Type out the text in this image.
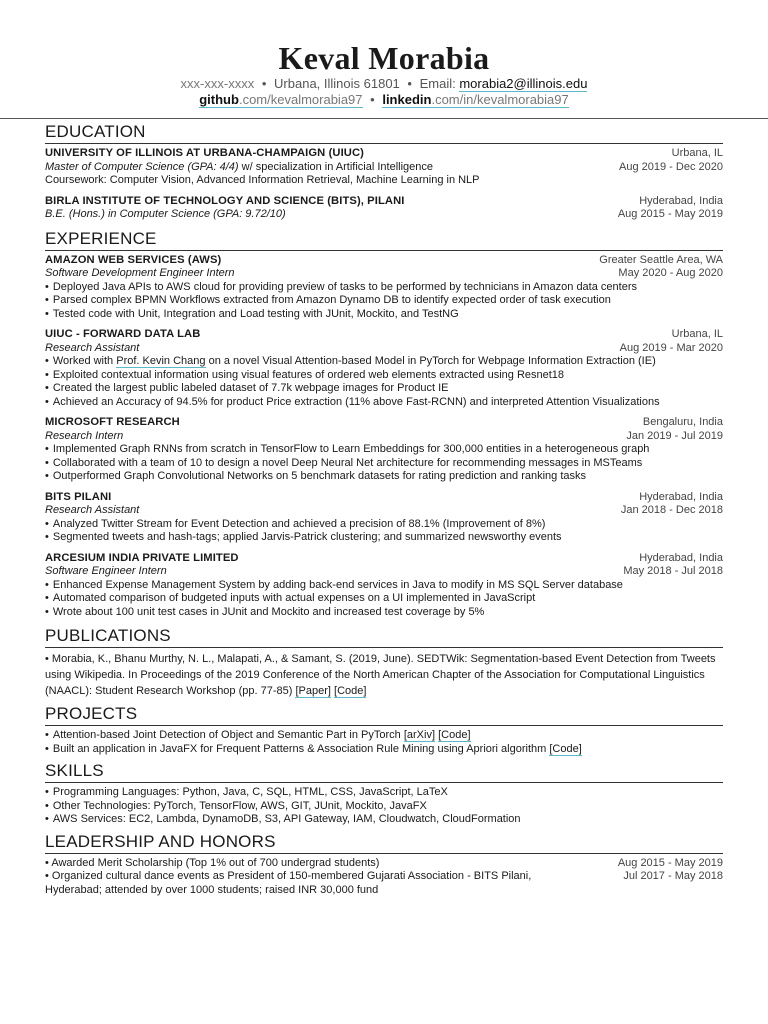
Keval Morabia
xxx-xxx-xxxx • Urbana, Illinois 61801 • Email: morabia2@illinois.edu
github.com/kevalmorabia97 • linkedin.com/in/kevalmorabia97
EDUCATION
UNIVERSITY OF ILLINOIS AT URBANA-CHAMPAIGN (UIUC)	Urbana, IL
Master of Computer Science (GPA: 4/4) w/ specialization in Artificial Intelligence	Aug 2019 - Dec 2020
Coursework: Computer Vision, Advanced Information Retrieval, Machine Learning in NLP
BIRLA INSTITUTE OF TECHNOLOGY AND SCIENCE (BITS), PILANI	Hyderabad, India
B.E. (Hons.) in Computer Science (GPA: 9.72/10)	Aug 2015 - May 2019
EXPERIENCE
AMAZON WEB SERVICES (AWS)	Greater Seattle Area, WA
Software Development Engineer Intern	May 2020 - Aug 2020
• Deployed Java APIs to AWS cloud for providing preview of tasks to be performed by technicians in Amazon data centers
• Parsed complex BPMN Workflows extracted from Amazon Dynamo DB to identify expected order of task execution
• Tested code with Unit, Integration and Load testing with JUnit, Mockito, and TestNG
UIUC - FORWARD DATA LAB	Urbana, IL
Research Assistant	Aug 2019 - Mar 2020
• Worked with Prof. Kevin Chang on a novel Visual Attention-based Model in PyTorch for Webpage Information Extraction (IE)
• Exploited contextual information using visual features of ordered web elements extracted using Resnet18
• Created the largest public labeled dataset of 7.7k webpage images for Product IE
• Achieved an Accuracy of 94.5% for product Price extraction (11% above Fast-RCNN) and interpreted Attention Visualizations
MICROSOFT RESEARCH	Bengaluru, India
Research Intern	Jan 2019 - Jul 2019
• Implemented Graph RNNs from scratch in TensorFlow to Learn Embeddings for 300,000 entities in a heterogeneous graph
• Collaborated with a team of 10 to design a novel Deep Neural Net architecture for recommending messages in MSTeams
• Outperformed Graph Convolutional Networks on 5 benchmark datasets for rating prediction and ranking tasks
BITS PILANI	Hyderabad, India
Research Assistant	Jan 2018 - Dec 2018
• Analyzed Twitter Stream for Event Detection and achieved a precision of 88.1% (Improvement of 8%)
• Segmented tweets and hash-tags; applied Jarvis-Patrick clustering; and summarized newsworthy events
ARCESIUM INDIA PRIVATE LIMITED	Hyderabad, India
Software Engineer Intern	May 2018 - Jul 2018
• Enhanced Expense Management System by adding back-end services in Java to modify in MS SQL Server database
• Automated comparison of budgeted inputs with actual expenses on a UI implemented in JavaScript
• Wrote about 100 unit test cases in JUnit and Mockito and increased test coverage by 5%
PUBLICATIONS
• Morabia, K., Bhanu Murthy, N. L., Malapati, A., & Samant, S. (2019, June). SEDTWik: Segmentation-based Event Detection from Tweets using Wikipedia. In Proceedings of the 2019 Conference of the North American Chapter of the Association for Computational Linguistics (NAACL): Student Research Workshop (pp. 77-85) [Paper] [Code]
PROJECTS
• Attention-based Joint Detection of Object and Semantic Part in PyTorch [arXiv] [Code]
• Built an application in JavaFX for Frequent Patterns & Association Rule Mining using Apriori algorithm [Code]
SKILLS
• Programming Languages: Python, Java, C, SQL, HTML, CSS, JavaScript, LaTeX
• Other Technologies: PyTorch, TensorFlow, AWS, GIT, JUnit, Mockito, JavaFX
• AWS Services: EC2, Lambda, DynamoDB, S3, API Gateway, IAM, Cloudwatch, CloudFormation
LEADERSHIP AND HONORS
• Awarded Merit Scholarship (Top 1% out of 700 undergrad students)	Aug 2015 - May 2019
• Organized cultural dance events as President of 150-membered Gujarati Association - BITS Pilani,	Jul 2017 - May 2018
Hyderabad; attended by over 1000 students; raised INR 30,000 fund
